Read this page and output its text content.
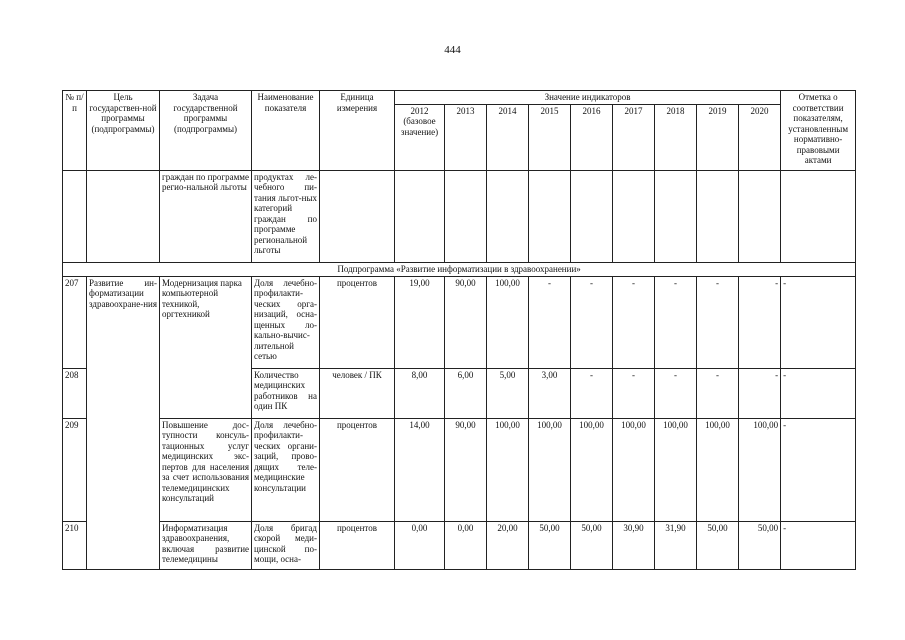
444
№ п/п	Цель государствен-ной программы (подпрограммы)	Задача государственной программы (подпрограммы)	Наименование показателя	Единица измерения	Значение индикаторов									Отметка о соответствии показателям, установленным нормативно-правовыми актами
					2012 (базовое значение)	2013	2014	2015	2016	2017	2018	2019	2020	
		граждан по программе регио-нальной льготы	продуктах ле-чебного пи-тания льгот-ных категорий граждан по программе региональной льготы											
Подпрограмма «Развитие информатизации в здравоохранении»														
207	Развитие ин-форматизации здравоохране-ния	Модернизация парка компьютерной техникой, оргтехникой	Доля лечебно-профилакти-ческих орга-низаций, осна-щенных ло-кально-вычис-лительной сетью	процентов	19,00	90,00	100,00	-	-	-	-	-	-	-
208			Количество медицинских работников на один ПК	человек / ПК	8,00	6,00	5,00	3,00	-	-	-	-	-	-
209		Повышение дос-тупности консуль-тационных услуг медицинских экс-пертов для населения за счет использования телемедицинских консультаций	Доля лечебно-профилакти-ческих органи-заций, прово-дящих теле-медицинские консультации	процентов	14,00	90,00	100,00	100,00	100,00	100,00	100,00	100,00	100,00	-
210		Информатизация здравоохранения, включая развитие телемедицины	Доля бригад скорой меди-цинской по-мощи, осна-	процентов	0,00	0,00	20,00	50,00	50,00	30,90	31,90	50,00	50,00	-
